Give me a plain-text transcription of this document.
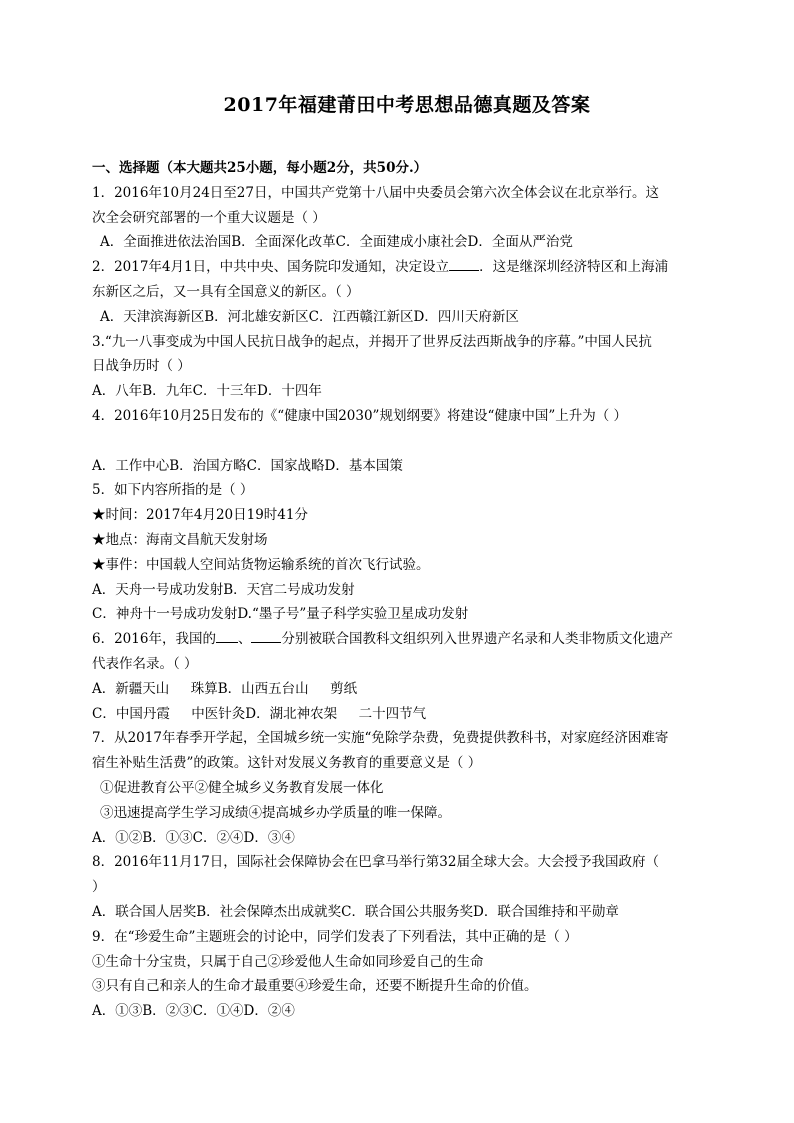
2017年福建莆田中考思想品德真题及答案
一、选择题（本大题共25小题，每小题2分，共50分.）
1．2016年10月24日至27日，中国共产党第十八届中央委员会第六次全体会议在北京举行。这
次全会研究部署的一个重大议题是（ ）
A．全面推进依法治国B．全面深化改革C．全面建成小康社会D．全面从严治党
2．2017年4月1日，中共中央、国务院印发通知，决定设立 ．这是继深圳经济特区和上海浦
东新区之后，又一具有全国意义的新区。（ ）
A．天津滨海新区B．河北雄安新区C．江西赣江新区D．四川天府新区
3.“九一八事变成为中国人民抗日战争的起点，并揭开了世界反法西斯战争的序幕。”中国人民抗
日战争历时（ ）
A．八年B．九年C．十三年D．十四年
4．2016年10月25日发布的《“健康中国2030”规划纲要》将建设“健康中国”上升为（ ）
A．工作中心B．治国方略C．国家战略D．基本国策
5．如下内容所指的是（ ）
★时间：2017年4月20日19时41分
★地点：海南文昌航天发射场
★事件：中国载人空间站货物运输系统的首次飞行试验。
A．天舟一号成功发射B．天宫二号成功发射
C．神舟十一号成功发射D.“墨子号”量子科学实验卫星成功发射
6．2016年，我国的 、 分别被联合国教科文组织列入世界遗产名录和人类非物质文化遗产
代表作名录。（ ）
A．新疆天山     珠算B．山西五台山     剪纸
C．中国丹霞     中医针灸D．湖北神农架     二十四节气
7．从2017年春季开学起，全国城乡统一实施“免除学杂费，免费提供教科书，对家庭经济困难寄
宿生补贴生活费”的政策。这针对发展义务教育的重要意义是（ ）
①促进教育公平②健全城乡义务教育发展一体化
③迅速提高学生学习成绩④提高城乡办学质量的唯一保障。
A．①②B．①③C．②④D．③④
8．2016年11月17日，国际社会保障协会在巴拿马举行第32届全球大会。大会授予我国政府（
）
A．联合国人居奖B．社会保障杰出成就奖C．联合国公共服务奖D．联合国维持和平勋章
9．在“珍爱生命”主题班会的讨论中，同学们发表了下列看法，其中正确的是（ ）
①生命十分宝贵，只属于自己②珍爱他人生命如同珍爱自己的生命
③只有自己和亲人的生命才最重要④珍爱生命，还要不断提升生命的价值。
A．①③B．②③C．①④D．②④
